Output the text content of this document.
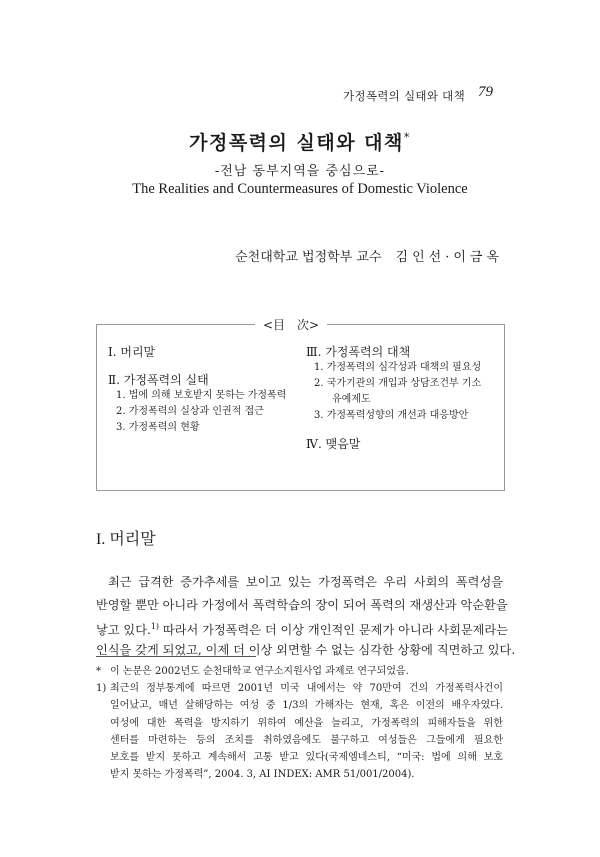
가정폭력의 실태와 대책 79
가정폭력의 실태와 대책*
-전남 동부지역을 중심으로-
The Realities and Countermeasures of Domestic Violence
순천대학교 법정학부 교수 김인선·이금옥
<目　次>
Ⅰ. 머리말
Ⅱ. 가정폭력의 실태
1. 법에 의해 보호받지 못하는 가정폭력
2. 가정폭력의 실상과 인권적 접근
3. 가정폭력의 현황
Ⅲ. 가정폭력의 대책
1. 가정폭력의 심각성과 대책의 필요성
2. 국가기관의 개입과 상담조건부 기소
유예제도
3. 가정폭력성향의 개선과 대응방안
Ⅳ. 맺음말
I. 머리말
최근 급격한 증가추세를 보이고 있는 가정폭력은 우리 사회의 폭력성을
반영할 뿐만 아니라 가정에서 폭력학습의 장이 되어 폭력의 재생산과 악순환을
낳고 있다.$^{1)}$ 따라서 가정폭력은 더 이상 개인적인 문제가 아니라 사회문제라는
인식을 갖게 되었고, 이제 더 이상 외면할 수 없는 심각한 상황에 직면하고 있다.
* 이 논문은 2002년도 순천대학교 연구소지원사업 과제로 연구되었음.
1) 최근의 정부통계에 따르면 2001년 미국 내에서는 약 70만여 건의 가정폭력사건이
일어났고, 매년 살해당하는 여성 중 1/3의 가해자는 현재, 혹은 이전의 배우자였다.
여성에 대한 폭력을 방지하기 위하여 예산을 늘리고, 가정폭력의 피해자들을 위한
센터를 마련하는 등의 조치를 취하였음에도 불구하고 여성들은 그들에게 필요한
보호를 받지 못하고 계속해서 고통 받고 있다(국제엠네스티, “미국: 법에 의해 보호
받지 못하는 가정폭력”, 2004. 3, AI INDEX: AMR 51/001/2004).
